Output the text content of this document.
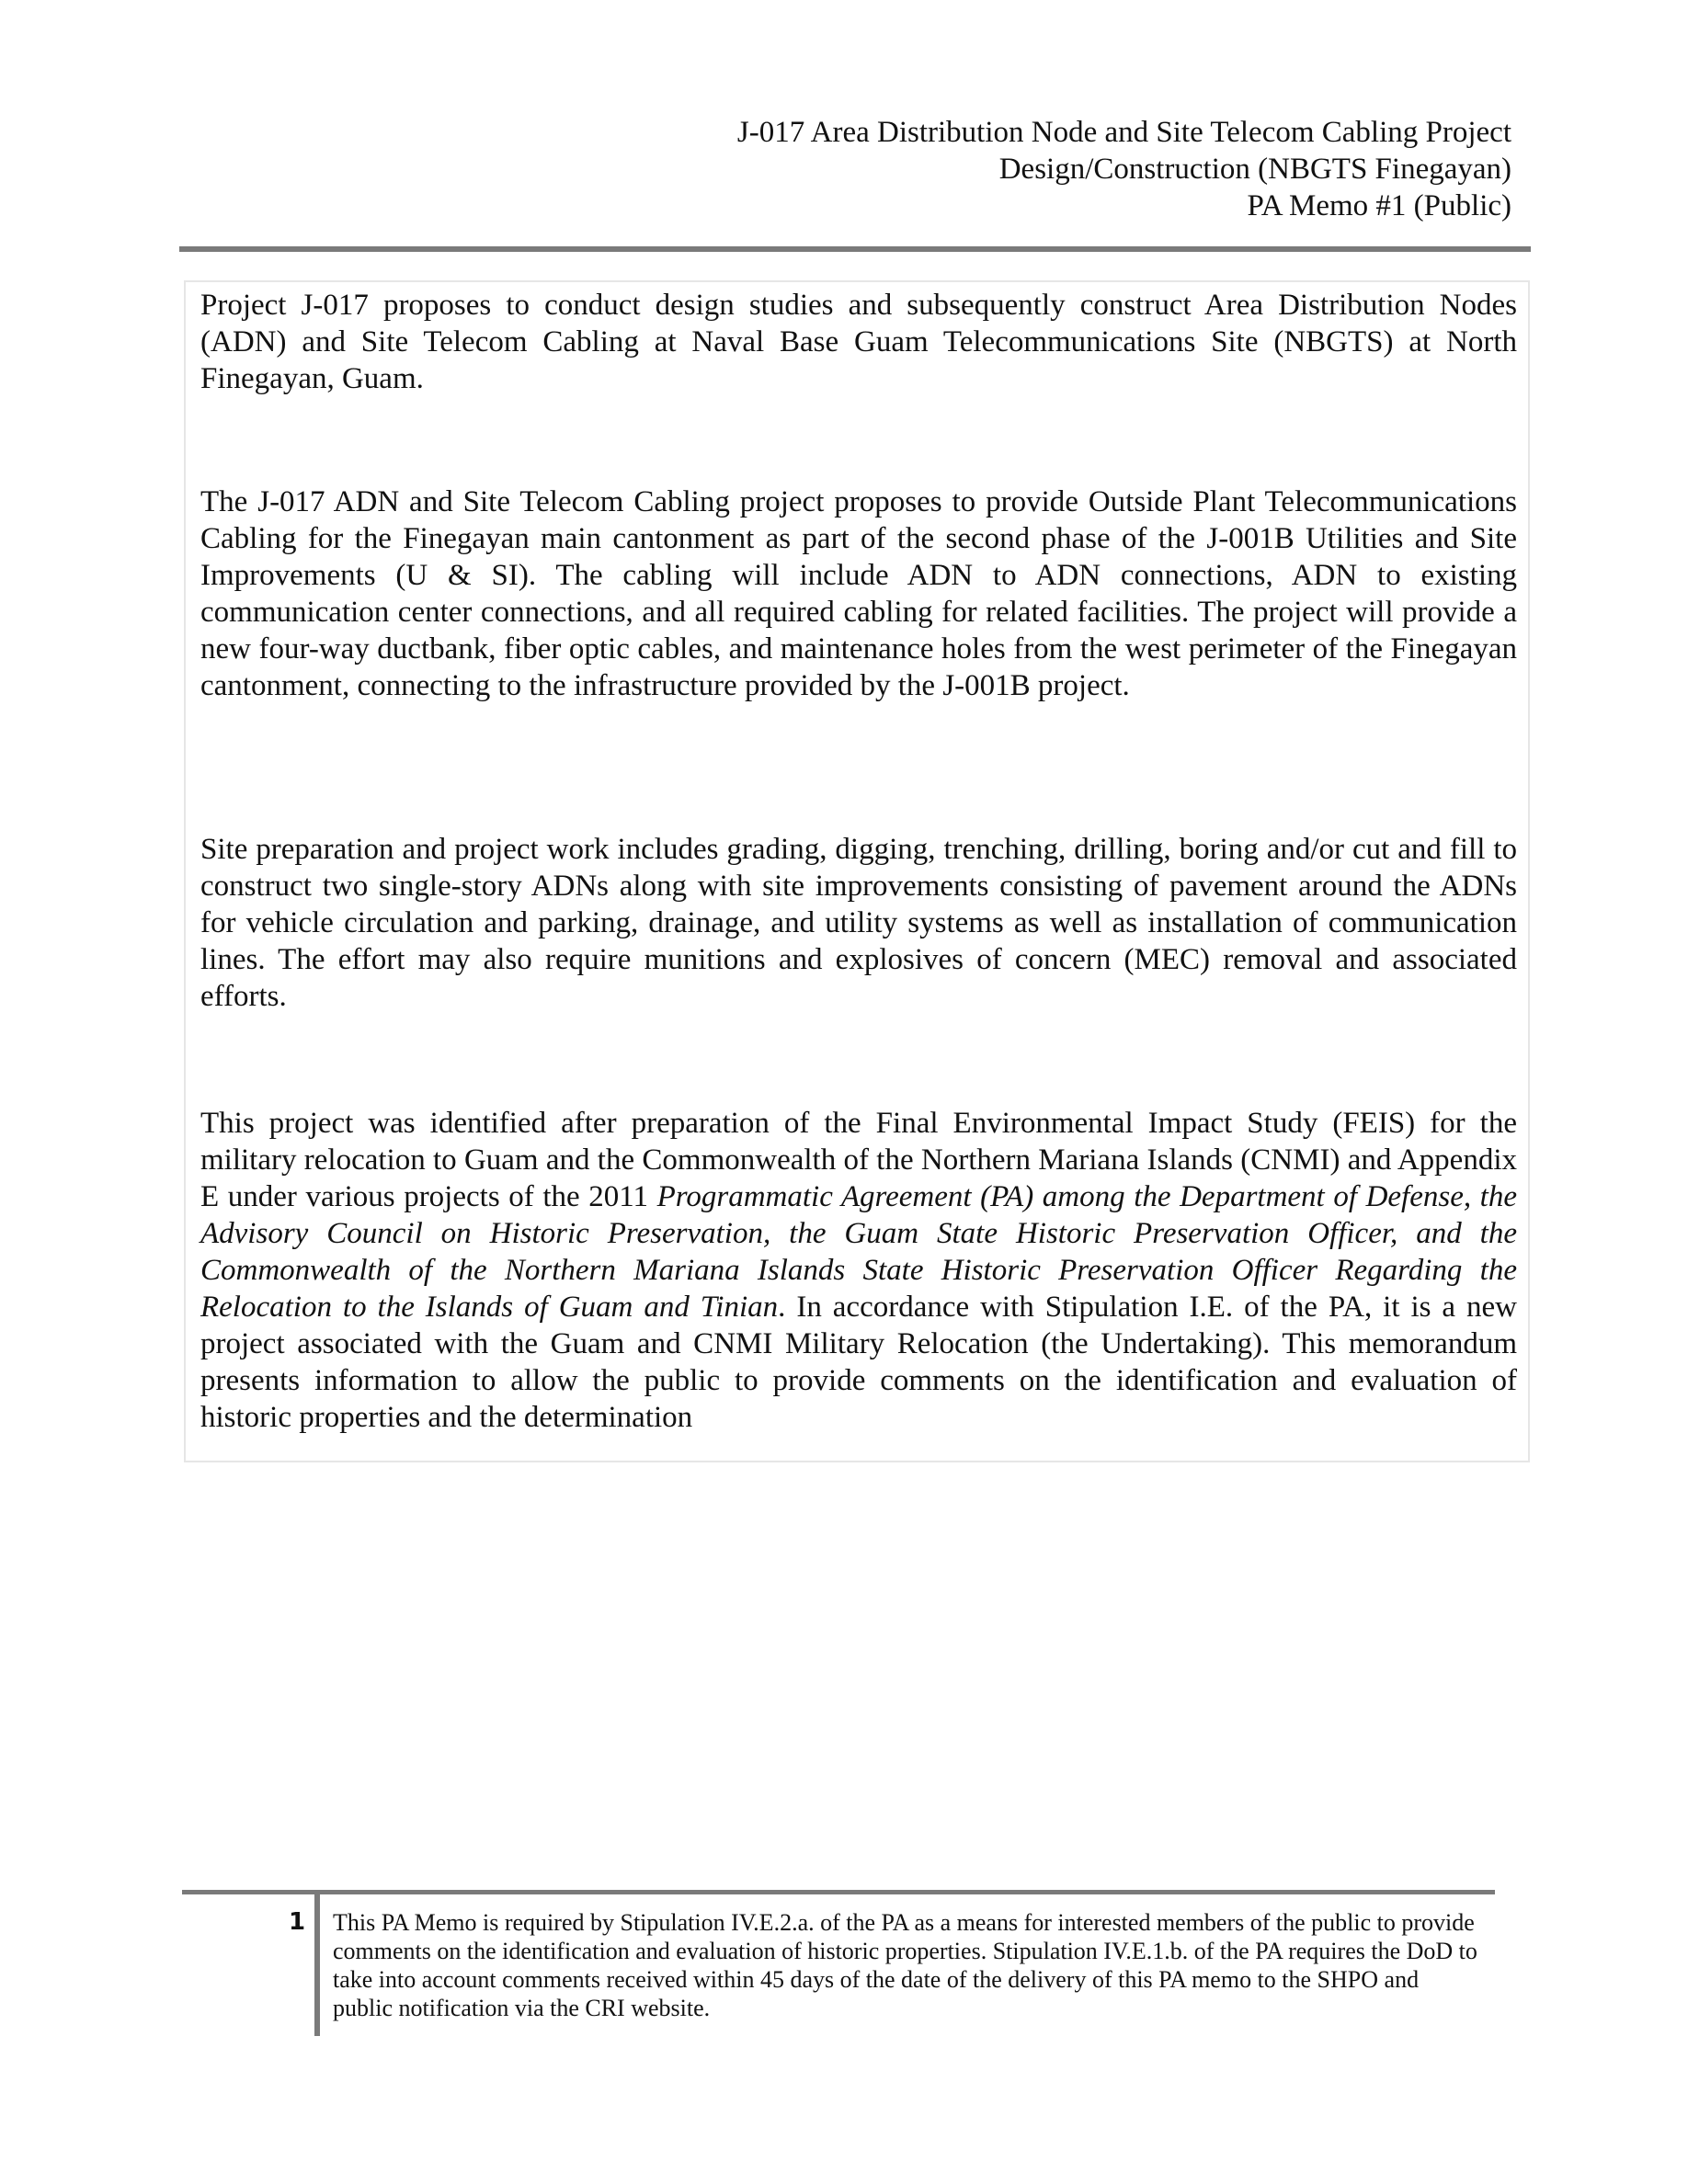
J-017 Area Distribution Node and Site Telecom Cabling Project
Design/Construction (NBGTS Finegayan)
PA Memo #1 (Public)

Project J-017 proposes to conduct design studies and subsequently construct Area Distribution Nodes (ADN) and Site Telecom Cabling at Naval Base Guam Telecommunications Site (NBGTS) at North Finegayan, Guam.

The J-017 ADN and Site Telecom Cabling project proposes to provide Outside Plant Telecommunications Cabling for the Finegayan main cantonment as part of the second phase of the J-001B Utilities and Site Improvements (U & SI). The cabling will include ADN to ADN connections, ADN to existing communication center connections, and all required cabling for related facilities. The project will provide a new four-way ductbank, fiber optic cables, and maintenance holes from the west perimeter of the Finegayan cantonment, connecting to the infrastructure provided by the J-001B project.

Site preparation and project work includes grading, digging, trenching, drilling, boring and/or cut and fill to construct two single-story ADNs along with site improvements consisting of pavement around the ADNs for vehicle circulation and parking, drainage, and utility systems as well as installation of communication lines. The effort may also require munitions and explosives of concern (MEC) removal and associated efforts.

This project was identified after preparation of the Final Environmental Impact Study (FEIS) for the military relocation to Guam and the Commonwealth of the Northern Mariana Islands (CNMI) and Appendix E under various projects of the 2011 Programmatic Agreement (PA) among the Department of Defense, the Advisory Council on Historic Preservation, the Guam State Historic Preservation Officer, and the Commonwealth of the Northern Mariana Islands State Historic Preservation Officer Regarding the Relocation to the Islands of Guam and Tinian. In accordance with Stipulation I.E. of the PA, it is a new project associated with the Guam and CNMI Military Relocation (the Undertaking). This memorandum presents information to allow the public to provide comments on the identification and evaluation of historic properties and the determination

1 This PA Memo is required by Stipulation IV.E.2.a. of the PA as a means for interested members of the public to provide comments on the identification and evaluation of historic properties. Stipulation IV.E.1.b. of the PA requires the DoD to take into account comments received within 45 days of the date of the delivery of this PA memo to the SHPO and public notification via the CRI website.
